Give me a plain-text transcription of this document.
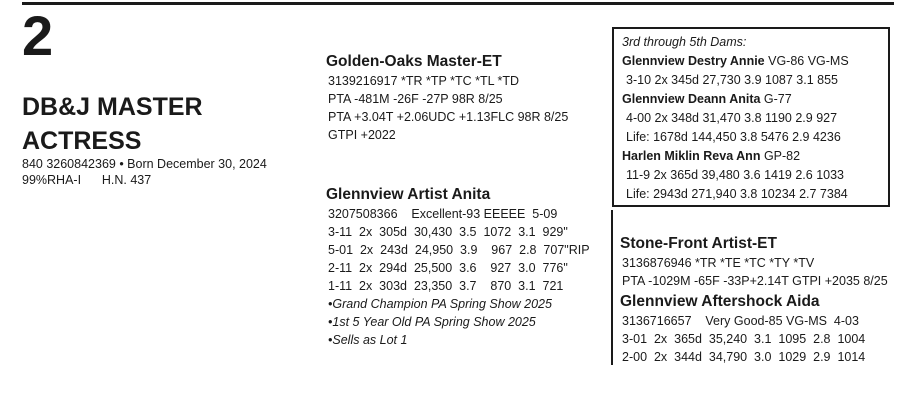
2
DB&J MASTER
ACTRESS
840 3260842369 • Born December 30, 2024
99%RHA-I      H.N. 437
Golden-Oaks Master-ET
3139216917 *TR *TP *TC *TL *TD
PTA -481M -26F -27P 98R 8/25
PTA +3.04T +2.06UDC +1.13FLC 98R 8/25
GTPI +2022
Glennview Artist Anita
3207508366    Excellent-93 EEEEE  5-09
3-11  2x  305d  30,430  3.5  1072  3.1  929"
5-01  2x  243d  24,950  3.9    967  2.8  707"RIP
2-11  2x  294d  25,500  3.6    927  3.0  776"
1-11  2x  303d  23,350  3.7    870  3.1  721
•Grand Champion PA Spring Show 2025
•1st 5 Year Old PA Spring Show 2025
•Sells as Lot 1
3rd through 5th Dams:
Glennview Destry Annie VG-86 VG-MS
3-10 2x 345d 27,730 3.9 1087 3.1 855
Glennview Deann Anita G-77
4-00 2x 348d 31,470 3.8 1190 2.9 927
Life: 1678d 144,450 3.8 5476 2.9 4236
Harlen Miklin Reva Ann GP-82
11-9 2x 365d 39,480 3.6 1419 2.6 1033
Life: 2943d 271,940 3.8 10234 2.7 7384
Stone-Front Artist-ET
3136876946 *TR *TE *TC *TY *TV
PTA -1029M -65F -33P+2.14T GTPI +2035 8/25
Glennview Aftershock Aida
3136716657    Very Good-85 VG-MS  4-03
3-01  2x  365d  35,240  3.1  1095  2.8  1004
2-00  2x  344d  34,790  3.0  1029  2.9  1014
